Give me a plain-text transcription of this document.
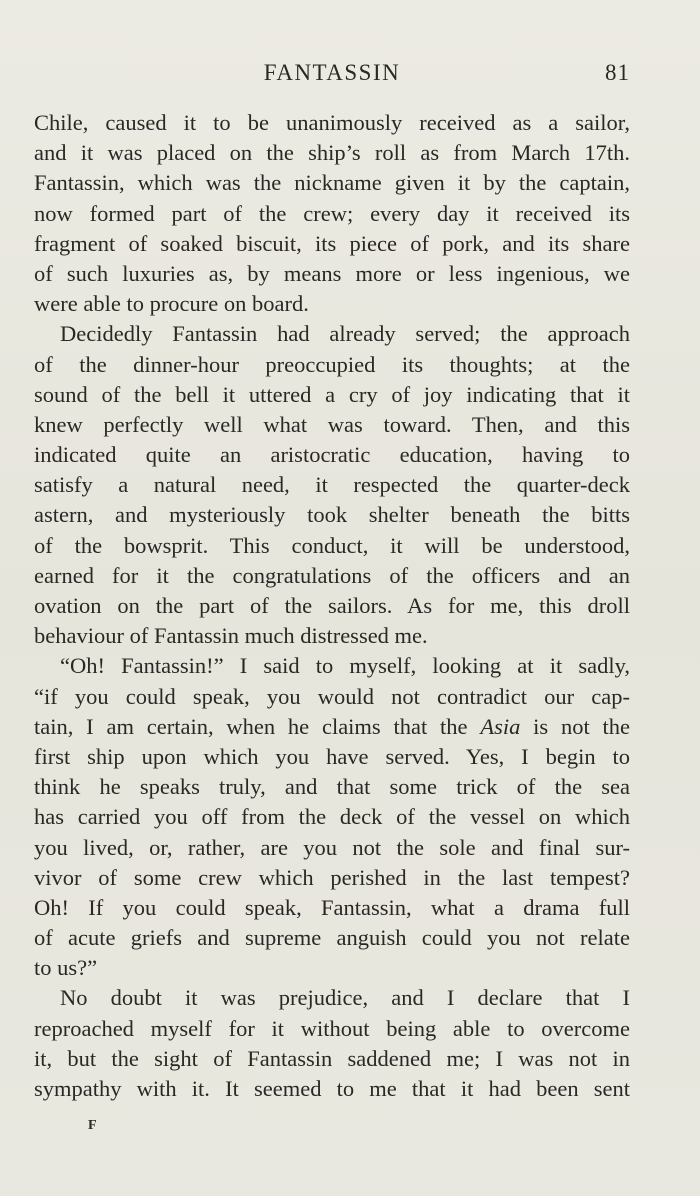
FANTASSIN	81
Chile, caused it to be unanimously received as a sailor,
and it was placed on the ship’s roll as from March 17th.
Fantassin, which was the nickname given it by the captain,
now formed part of the crew; every day it received its
fragment of soaked biscuit, its piece of pork, and its share
of such luxuries as, by means more or less ingenious, we
were able to procure on board.
Decidedly Fantassin had already served; the approach
of the dinner-hour preoccupied its thoughts; at the
sound of the bell it uttered a cry of joy indicating that it
knew perfectly well what was toward. Then, and this
indicated quite an aristocratic education, having to
satisfy a natural need, it respected the quarter-deck
astern, and mysteriously took shelter beneath the bitts
of the bowsprit. This conduct, it will be understood,
earned for it the congratulations of the officers and an
ovation on the part of the sailors. As for me, this droll
behaviour of Fantassin much distressed me.
“Oh! Fantassin!” I said to myself, looking at it sadly,
“if you could speak, you would not contradict our cap-
tain, I am certain, when he claims that the Asia is not the
first ship upon which you have served. Yes, I begin to
think he speaks truly, and that some trick of the sea
has carried you off from the deck of the vessel on which
you lived, or, rather, are you not the sole and final sur-
vivor of some crew which perished in the last tempest?
Oh! If you could speak, Fantassin, what a drama full
of acute griefs and supreme anguish could you not relate
to us?”
No doubt it was prejudice, and I declare that I
reproached myself for it without being able to overcome
it, but the sight of Fantassin saddened me; I was not in
sympathy with it. It seemed to me that it had been sent
F
